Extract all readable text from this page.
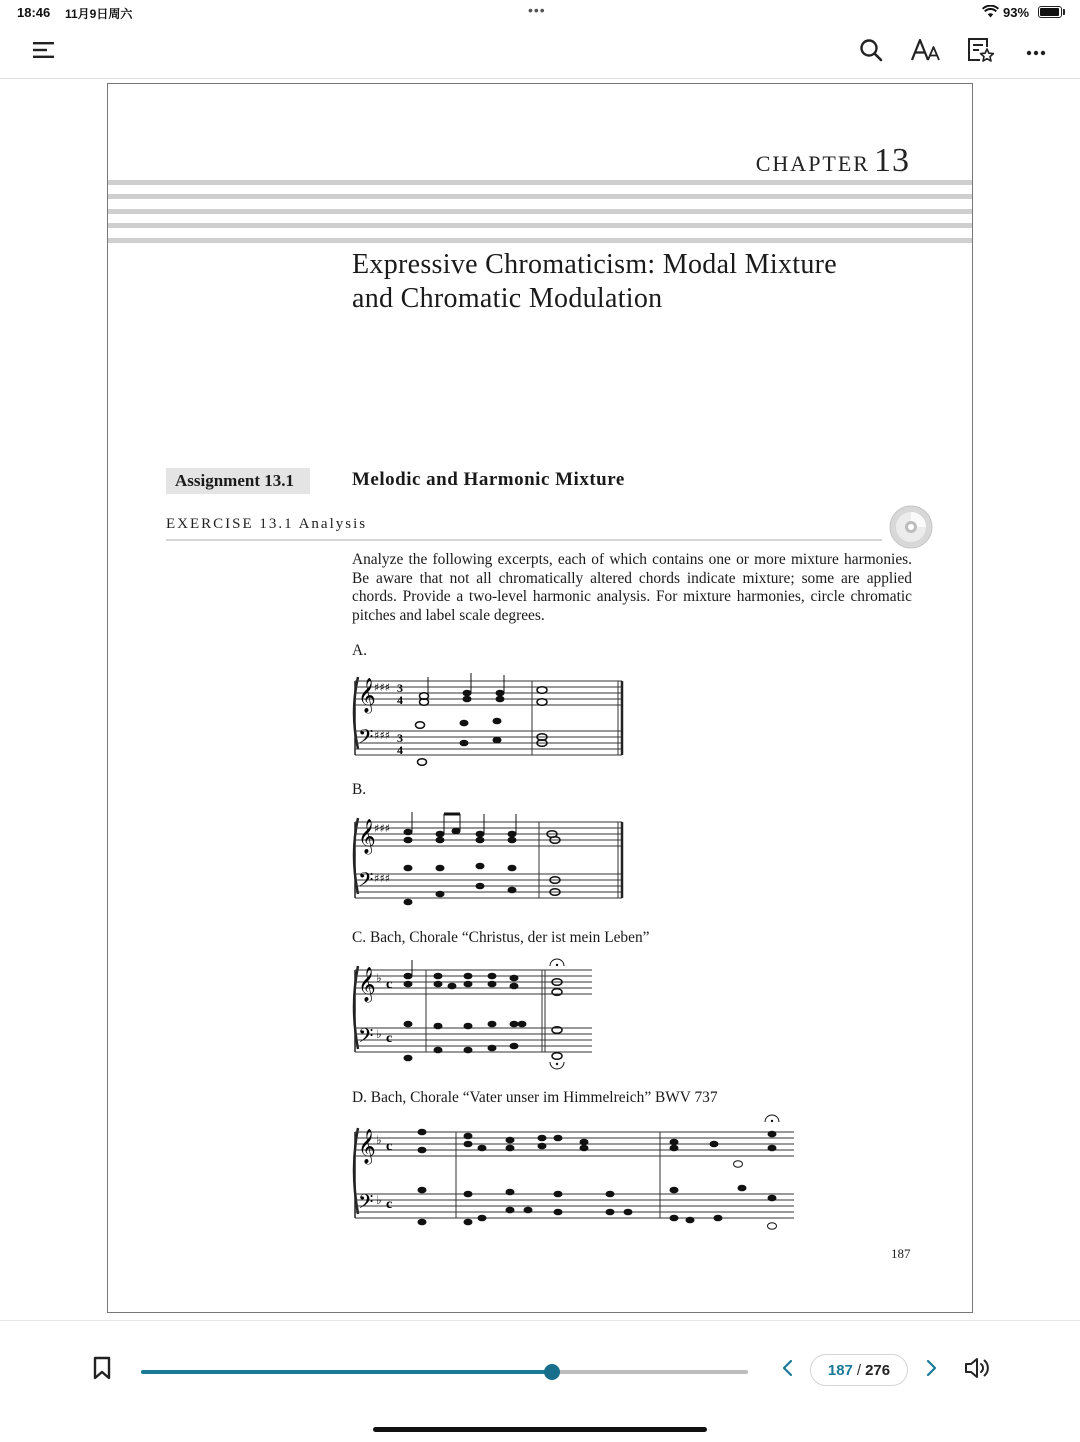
18:46 11月9日周六	•••	93%
CHAPTER 13
Expressive Chromaticism: Modal Mixture
and Chromatic Modulation
Assignment 13.1	Melodic and Harmonic Mixture
EXERCISE 13.1 Analysis
Analyze the following excerpts, each of which contains one or more mixture harmonies. Be aware that not all chromatically altered chords indicate mixture; some are applied chords. Provide a two-level harmonic analysis. For mixture harmonies, circle chromatic pitches and label scale degrees.
A.
𝄞
𝄢
♯♯♯
♯♯♯
3
4
3
4
B.
𝄞
𝄢
♯♯♯
♯♯♯
C. Bach, Chorale “Christus, der ist mein Leben”
𝄞
𝄢
♭
♭
c
c
D. Bach, Chorale “Vater unser im Himmelreich” BWV 737
𝄞
𝄢
♭
♭
c
c
187
187 / 276
